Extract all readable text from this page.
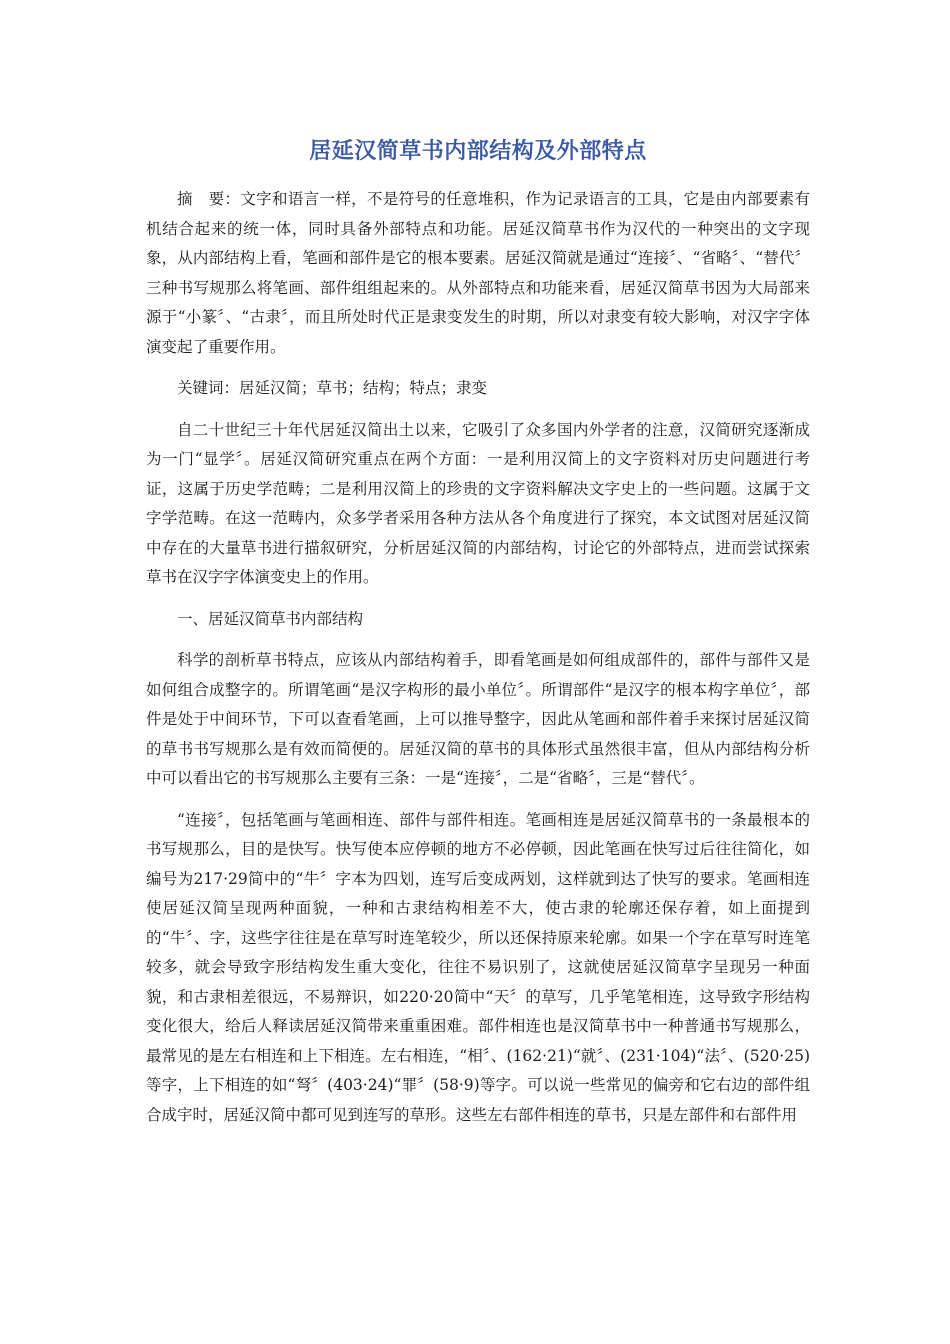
居延汉简草书内部结构及外部特点

摘　要：文字和语言一样，不是符号的任意堆积，作为记录语言的工具，它是由内部要素有机结合起来的统一体，同时具备外部特点和功能。居延汉简草书作为汉代的一种突出的文字现象，从内部结构上看，笔画和部件是它的根本要素。居延汉简就是通过“连接〞、“省略〞、“替代〞三种书写规那么将笔画、部件组组起来的。从外部特点和功能来看，居延汉简草书因为大局部来源于“小篆〞、“古隶〞，而且所处时代正是隶变发生的时期，所以对隶变有较大影响，对汉字字体演变起了重要作用。

关键词：居延汉简；草书；结构；特点；隶变

自二十世纪三十年代居延汉简出土以来，它吸引了众多国内外学者的注意，汉简研究逐渐成为一门“显学〞。居延汉简研究重点在两个方面：一是利用汉简上的文字资料对历史问题进行考证，这属于历史学范畴；二是利用汉简上的珍贵的文字资料解决文字史上的一些问题。这属于文字学范畴。在这一范畴内，众多学者采用各种方法从各个角度进行了探究，本文试图对居延汉简中存在的大量草书进行描叙研究，分析居延汉简的内部结构，讨论它的外部特点，进而尝试探索草书在汉字字体演变史上的作用。

一、居延汉简草书内部结构

科学的剖析草书特点，应该从内部结构着手，即看笔画是如何组成部件的，部件与部件又是如何组合成整字的。所谓笔画“是汉字构形的最小单位〞。所谓部件“是汉字的根本构字单位〞，部件是处于中间环节，下可以查看笔画，上可以推导整字，因此从笔画和部件着手来探讨居延汉简的草书书写规那么是有效而简便的。居延汉简的草书的具体形式虽然很丰富，但从内部结构分析中可以看出它的书写规那么主要有三条：一是“连接〞，二是“省略〞，三是“替代〞。

“连接〞，包括笔画与笔画相连、部件与部件相连。笔画相连是居延汉简草书的一条最根本的书写规那么，目的是快写。快写使本应停顿的地方不必停顿，因此笔画在快写过后往往简化，如编号为217·29简中的“牛〞字本为四划，连写后变成两划，这样就到达了快写的要求。笔画相连使居延汉简呈现两种面貌，一种和古隶结构相差不大，使古隶的轮廓还保存着，如上面提到的“牛〞、字，这些字往往是在草写时连笔较少，所以还保持原来轮廓。如果一个字在草写时连笔较多，就会导致字形结构发生重大变化，往往不易识别了，这就使居延汉简草字呈现另一种面貌，和古隶相差很远，不易辩识，如220·20简中“天〞的草写，几乎笔笔相连，这导致字形结构变化很大，给后人释读居延汉简带来重重困难。部件相连也是汉简草书中一种普通书写规那么，最常见的是左右相连和上下相连。左右相连，“相〞、(162·21)“就〞、(231·104)“法〞、(520·25)等字，上下相连的如“弩〞(403·24)“罪〞(58·9)等字。可以说一些常见的偏旁和它右边的部件组合成宇时，居延汉简中都可见到连写的草形。这些左右部件相连的草书，只是左部件和右部件用
